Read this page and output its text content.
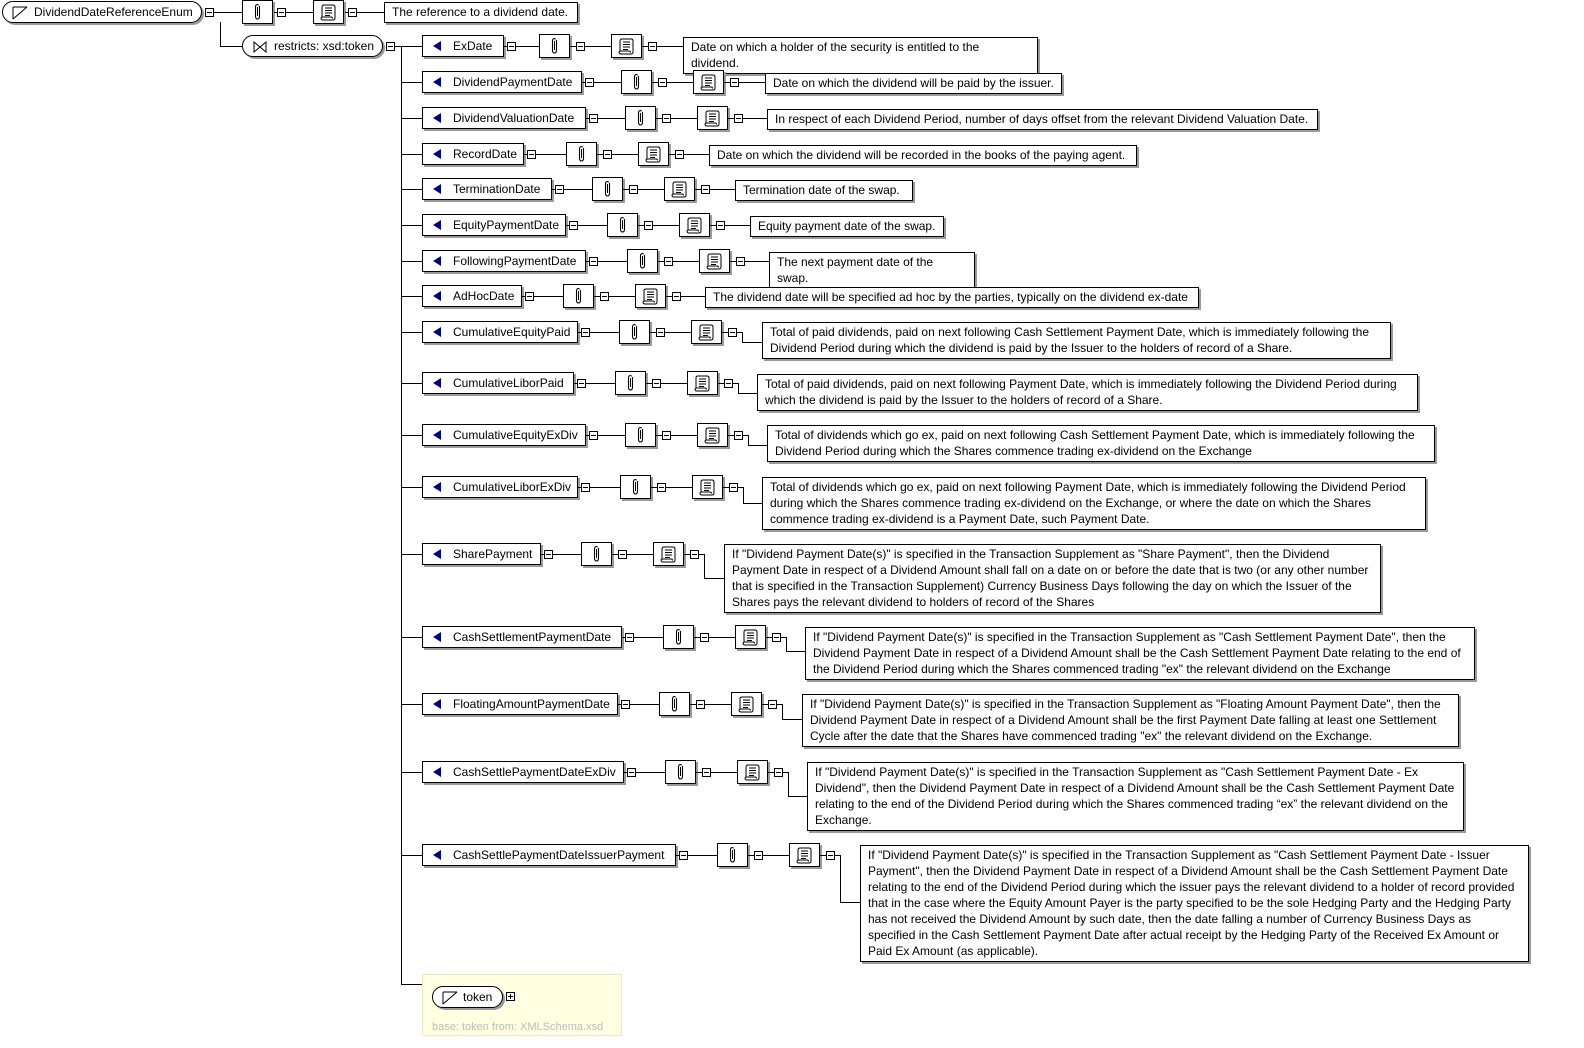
DividendDateReferenceEnum	The reference to a dividend date.
restricts: xsd:token	ExDate	Date on which a holder of the security is entitled to the dividend.
DividendPaymentDate	Date on which the dividend will be paid by the issuer.
DividendValuationDate	In respect of each Dividend Period, number of days offset from the relevant Dividend Valuation Date.
RecordDate	Date on which the dividend will be recorded in the books of the paying agent.
TerminationDate	Termination date of the swap.
EquityPaymentDate	Equity payment date of the swap.
FollowingPaymentDate	The next payment date of the swap.
AdHocDate	The dividend date will be specified ad hoc by the parties, typically on the dividend ex-date
CumulativeEquityPaid	Total of paid dividends, paid on next following Cash Settlement Payment Date, which is immediately following the
Dividend Period during which the dividend is paid by the Issuer to the holders of record of a Share.
CumulativeLiborPaid	Total of paid dividends, paid on next following Payment Date, which is immediately following the Dividend Period during
which the dividend is paid by the Issuer to the holders of record of a Share.
CumulativeEquityExDiv	Total of dividends which go ex, paid on next following Cash Settlement Payment Date, which is immediately following the
Dividend Period during which the Shares commence trading ex-dividend on the Exchange
CumulativeLiborExDiv	Total of dividends which go ex, paid on next following Payment Date, which is immediately following the Dividend Period
during which the Shares commence trading ex-dividend on the Exchange, or where the date on which the Shares
commence trading ex-dividend is a Payment Date, such Payment Date.
SharePayment	If "Dividend Payment Date(s)" is specified in the Transaction Supplement as "Share Payment", then the Dividend
Payment Date in respect of a Dividend Amount shall fall on a date on or before the date that is two (or any other number
that is specified in the Transaction Supplement) Currency Business Days following the day on which the Issuer of the
Shares pays the relevant dividend to holders of record of the Shares
CashSettlementPaymentDate	If "Dividend Payment Date(s)" is specified in the Transaction Supplement as "Cash Settlement Payment Date", then the
Dividend Payment Date in respect of a Dividend Amount shall be the Cash Settlement Payment Date relating to the end of
the Dividend Period during which the Shares commenced trading "ex" the relevant dividend on the Exchange
FloatingAmountPaymentDate	If "Dividend Payment Date(s)" is specified in the Transaction Supplement as "Floating Amount Payment Date", then the
Dividend Payment Date in respect of a Dividend Amount shall be the first Payment Date falling at least one Settlement
Cycle after the date that the Shares have commenced trading "ex" the relevant dividend on the Exchange.
CashSettlePaymentDateExDiv	If "Dividend Payment Date(s)" is specified in the Transaction Supplement as "Cash Settlement Payment Date - Ex
Dividend", then the Dividend Payment Date in respect of a Dividend Amount shall be the Cash Settlement Payment Date
relating to the end of the Dividend Period during which the Shares commenced trading “ex” the relevant dividend on the
Exchange.
CashSettlePaymentDateIssuerPayment	If "Dividend Payment Date(s)" is specified in the Transaction Supplement as "Cash Settlement Payment Date - Issuer
Payment", then the Dividend Payment Date in respect of a Dividend Amount shall be the Cash Settlement Payment Date
relating to the end of the Dividend Period during which the issuer pays the relevant dividend to a holder of record provided
that in the case where the Equity Amount Payer is the party specified to be the sole Hedging Party and the Hedging Party
has not received the Dividend Amount by such date, then the date falling a number of Currency Business Days as
specified in the Cash Settlement Payment Date after actual receipt by the Hedging Party of the Received Ex Amount or
Paid Ex Amount (as applicable).
token
base: token from: XMLSchema.xsd
